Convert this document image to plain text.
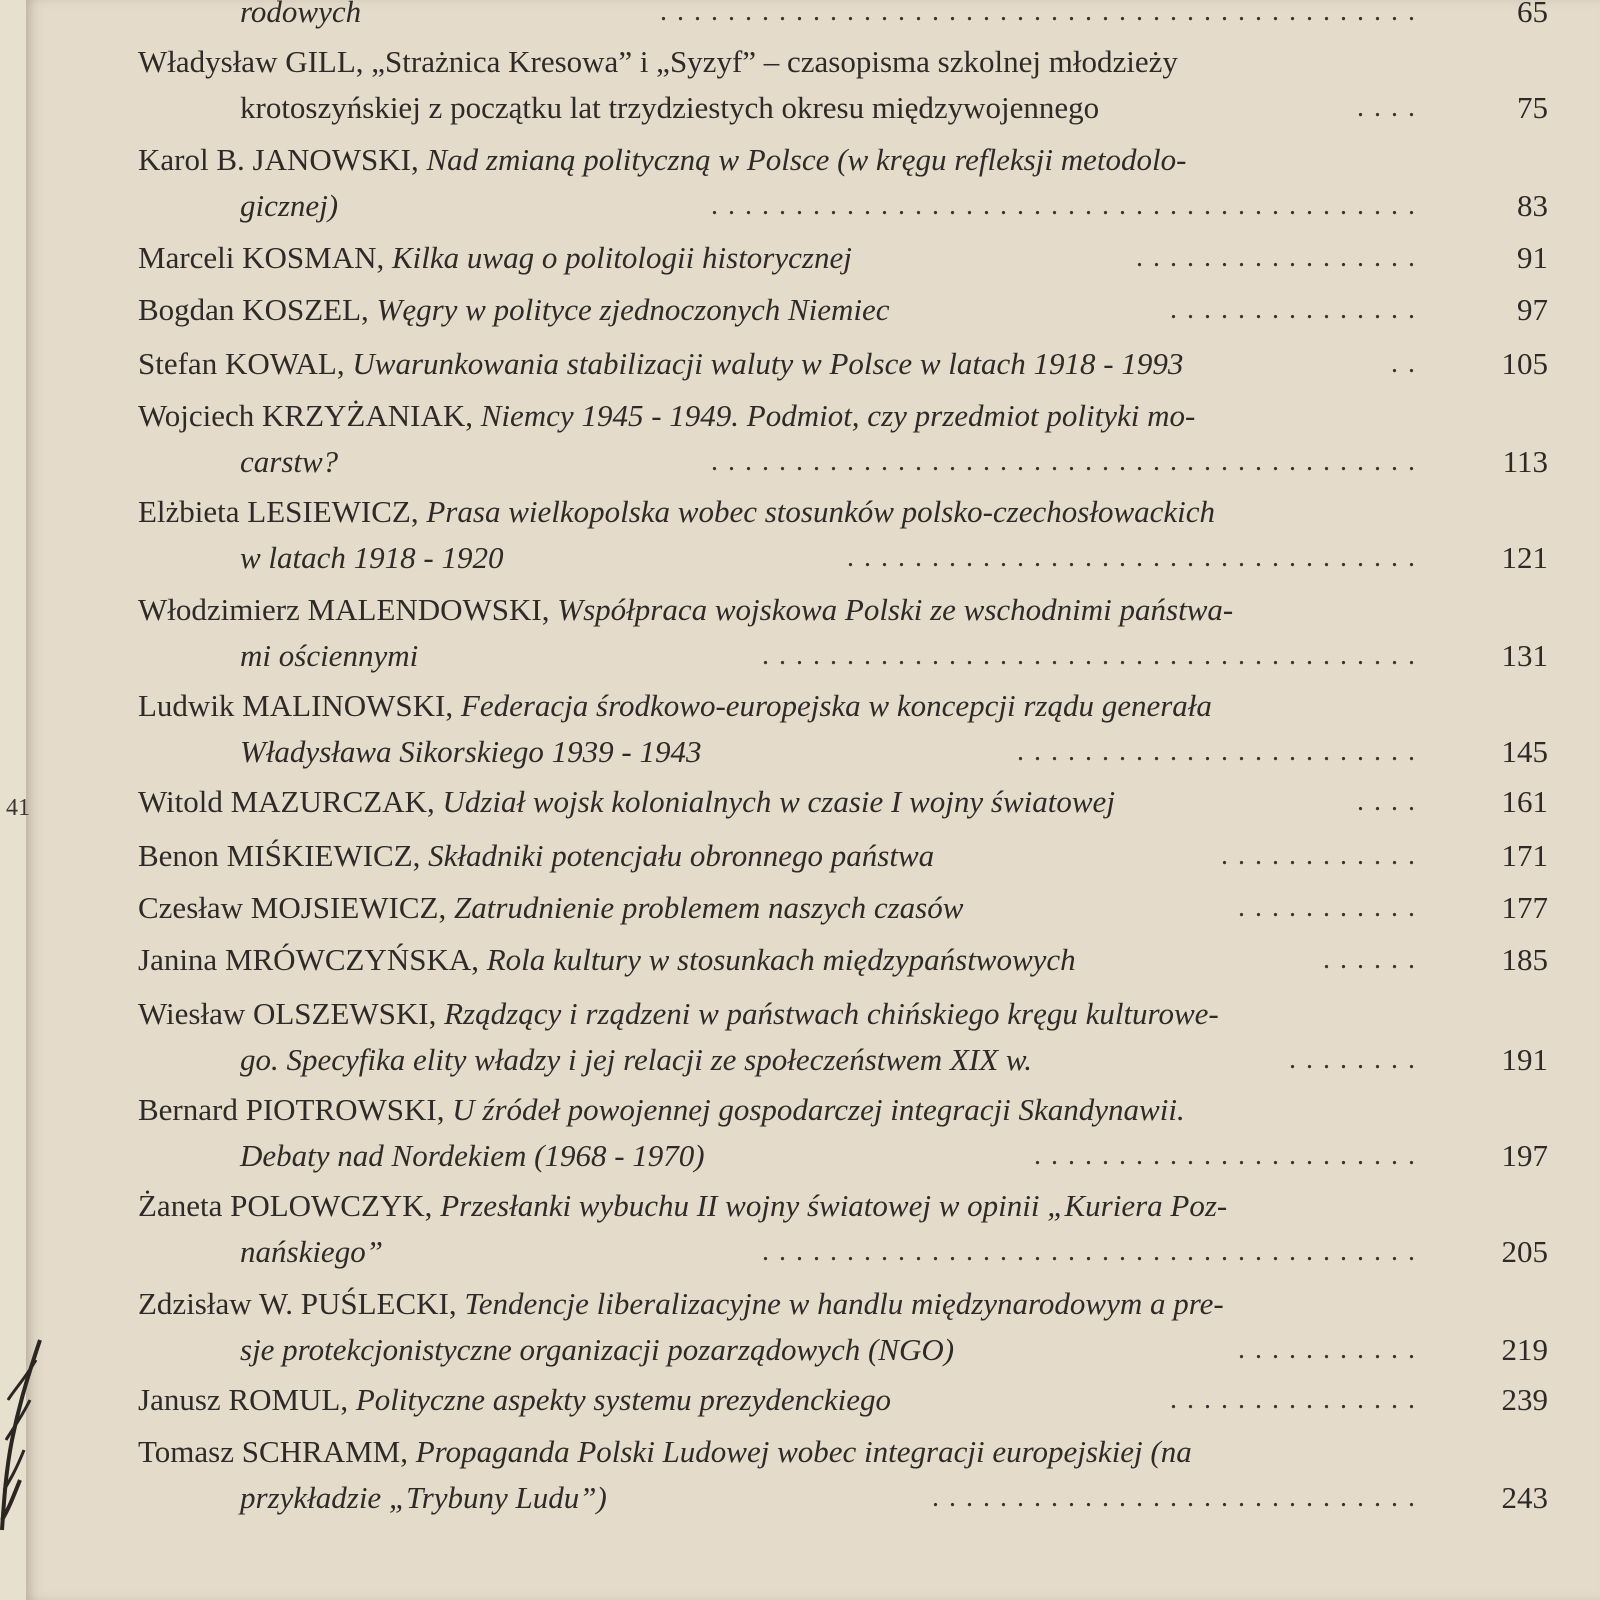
41
rodowych	.............................................	65
Władysław GILL, „Strażnica Kresowa” i „Syzyf” – czasopisma szkolnej młodzieży
krotoszyńskiej z początku lat trzydziestych okresu międzywojennego	....	75
Karol B. JANOWSKI, Nad zmianą polityczną w Polsce (w kręgu refleksji metodolo-
gicznej)	..........................................	83
Marceli KOSMAN, Kilka uwag o politologii historycznej	.................	91
Bogdan KOSZEL, Węgry w polityce zjednoczonych Niemiec	...............	97
Stefan KOWAL, Uwarunkowania stabilizacji waluty w Polsce w latach 1918 - 1993	.. 105
Wojciech KRZYŻANIAK, Niemcy 1945 - 1949. Podmiot, czy przedmiot polityki mo-
carstw?	..........................................	113
Elżbieta LESIEWICZ, Prasa wielkopolska wobec stosunków polsko-czechosłowackich
w latach 1918 - 1920	.................................. 121
Włodzimierz MALENDOWSKI, Współpraca wojskowa Polski ze wschodnimi państwa-
mi ościennymi	....................................... 131
Ludwik MALINOWSKI, Federacja środkowo-europejska w koncepcji rządu generała
Władysława Sikorskiego 1939 - 1943	........................ 145
Witold MAZURCZAK, Udział wojsk kolonialnych w czasie I wojny światowej	.... 161
Benon MIŚKIEWICZ, Składniki potencjału obronnego państwa	............ 171
Czesław MOJSIEWICZ, Zatrudnienie problemem naszych czasów	........... 177
Janina MRÓWCZYŃSKA, Rola kultury w stosunkach międzypaństwowych	...... 185
Wiesław OLSZEWSKI, Rządzący i rządzeni w państwach chińskiego kręgu kulturowe-
go. Specyfika elity władzy i jej relacji ze społeczeństwem XIX w.	........ 191
Bernard PIOTROWSKI, U źródeł powojennej gospodarczej integracji Skandynawii.
Debaty nad Nordekiem (1968 - 1970)	....................... 197
Żaneta POLOWCZYK, Przesłanki wybuchu II wojny światowej w opinii „Kuriera Poz-
nańskiego”	....................................... 205
Zdzisław W. PUŚLECKI, Tendencje liberalizacyjne w handlu międzynarodowym a pre-
sje protekcjonistyczne organizacji pozarządowych (NGO)	........... 219
Janusz ROMUL, Polityczne aspekty systemu prezydenckiego	............... 239
Tomasz SCHRAMM, Propaganda Polski Ludowej wobec integracji europejskiej (na
przykładzie „Trybuny Ludu”)	............................. 243
